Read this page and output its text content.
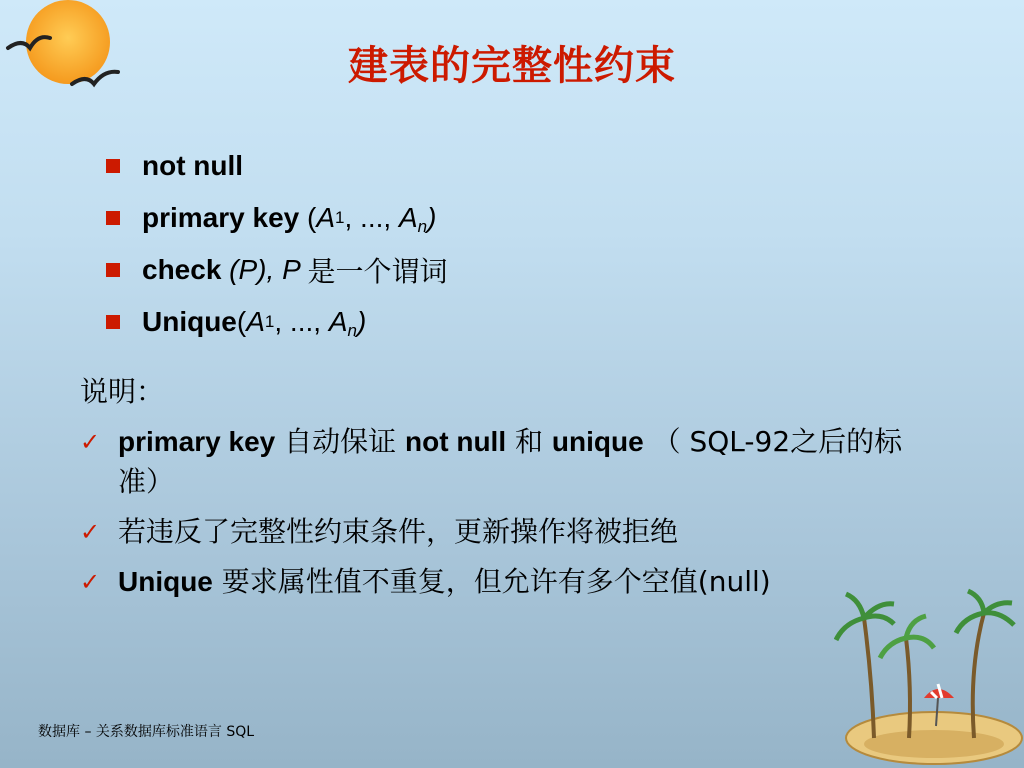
建表的完整性约束
not null
primary key ( A 1 , ..., $A_n$)
check (P), P 是一个谓词
Unique ( A 1 , ..., $A_n$)
说明：
✓ primary key 自动保证 not null 和 unique （ SQL-92之后的标准）
✓ 若违反了完整性约束条件，更新操作将被拒绝
✓ Unique 要求属性值不重复，但允许有多个空值(null)
数据库 – 关系数据库标准语言 SQL
